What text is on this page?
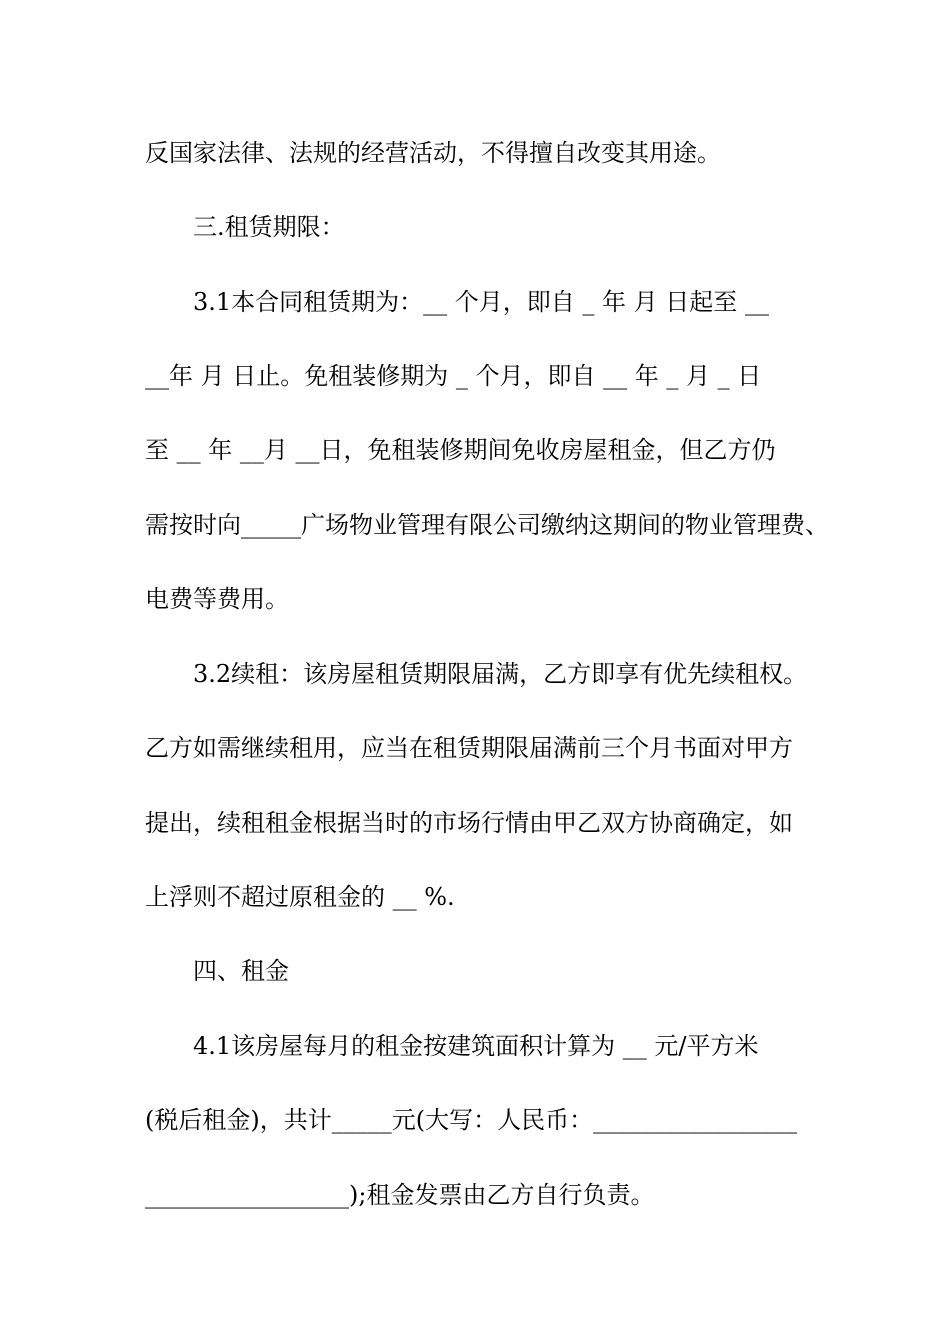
反国家法律、法规的经营活动，不得擅自改变其用途。
三.租赁期限：
3.1本合同租赁期为：__ 个月，即自 _ 年 月 日起至 __
__年 月 日止。免租装修期为 _ 个月，即自 __ 年 _ 月 _ 日
至 __ 年 __月 __日，免租装修期间免收房屋租金，但乙方仍
需按时向_____广场物业管理有限公司缴纳这期间的物业管理费、
电费等费用。
3.2续租：该房屋租赁期限届满，乙方即享有优先续租权。
乙方如需继续租用，应当在租赁期限届满前三个月书面对甲方
提出，续租租金根据当时的市场行情由甲乙双方协商确定，如
上浮则不超过原租金的 __ %.
四、租金
4.1该房屋每月的租金按建筑面积计算为 __ 元/平方米
(税后租金)，共计_____元(大写：人民币：_________________
_________________);租金发票由乙方自行负责。
